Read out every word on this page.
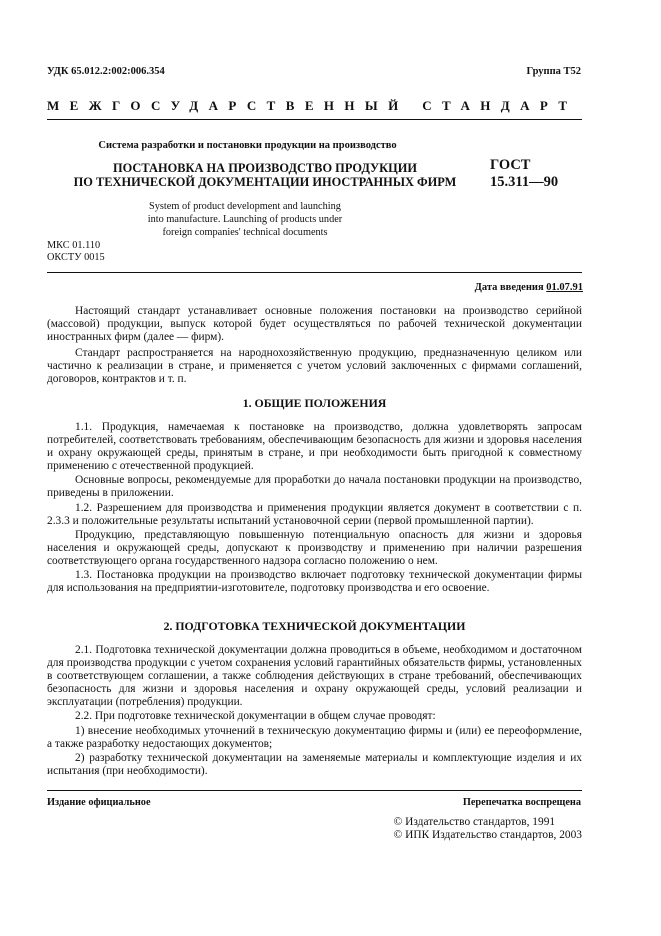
УДК 65.012.2:002:006.354	Группа Т52
МЕЖГОСУДАРСТВЕННЫЙ СТАНДАРТ
Система разработки и постановки продукции на производство
ПОСТАНОВКА НА ПРОИЗВОДСТВО ПРОДУКЦИИ
ПО ТЕХНИЧЕСКОЙ ДОКУМЕНТАЦИИ ИНОСТРАННЫХ ФИРМ
ГОСТ
15.311—90
System of product development and launching
into manufacture. Launching of products under
foreign companies' technical documents
МКС 01.110
ОКСТУ 0015
Дата введения 01.07.91

Настоящий стандарт устанавливает основные положения постановки на производство серийной (массовой) продукции, выпуск которой будет осуществляться по рабочей технической документации иностранных фирм (далее — фирм).

Стандарт распространяется на народнохозяйственную продукцию, предназначенную целиком или частично к реализации в стране, и применяется с учетом условий заключенных с фирмами соглашений, договоров, контрактов и т. п.

1. ОБЩИЕ ПОЛОЖЕНИЯ

1.1. Продукция, намечаемая к постановке на производство, должна удовлетворять запросам потребителей, соответствовать требованиям, обеспечивающим безопасность для жизни и здоровья населения и охрану окружающей среды, принятым в стране, и при необходимости быть пригодной к совместному применению с отечественной продукцией.

Основные вопросы, рекомендуемые для проработки до начала постановки продукции на производство, приведены в приложении.

1.2. Разрешением для производства и применения продукции является документ в соответствии с п. 2.3.3 и положительные результаты испытаний установочной серии (первой промышленной партии).

Продукцию, представляющую повышенную потенциальную опасность для жизни и здоровья населения и окружающей среды, допускают к производству и применению при наличии разрешения соответствующего органа государственного надзора согласно положению о нем.

1.3. Постановка продукции на производство включает подготовку технической документации фирмы для использования на предприятии-изготовителе, подготовку производства и его освоение.

2. ПОДГОТОВКА ТЕХНИЧЕСКОЙ ДОКУМЕНТАЦИИ

2.1. Подготовка технической документации должна проводиться в объеме, необходимом и достаточном для производства продукции с учетом сохранения условий гарантийных обязательств фирмы, установленных в соответствующем соглашении, а также соблюдения действующих в стране требований, обеспечивающих безопасность для жизни и здоровья населения и охрану окружающей среды, условий реализации и эксплуатации (потребления) продукции.

2.2. При подготовке технической документации в общем случае проводят:

1) внесение необходимых уточнений в техническую документацию фирмы и (или) ее переоформление, а также разработку недостающих документов;

2) разработку технической документации на заменяемые материалы и комплектующие изделия и их испытания (при необходимости).

Издание официальное	Перепечатка воспрещена
© Издательство стандартов, 1991
© ИПК Издательство стандартов, 2003
